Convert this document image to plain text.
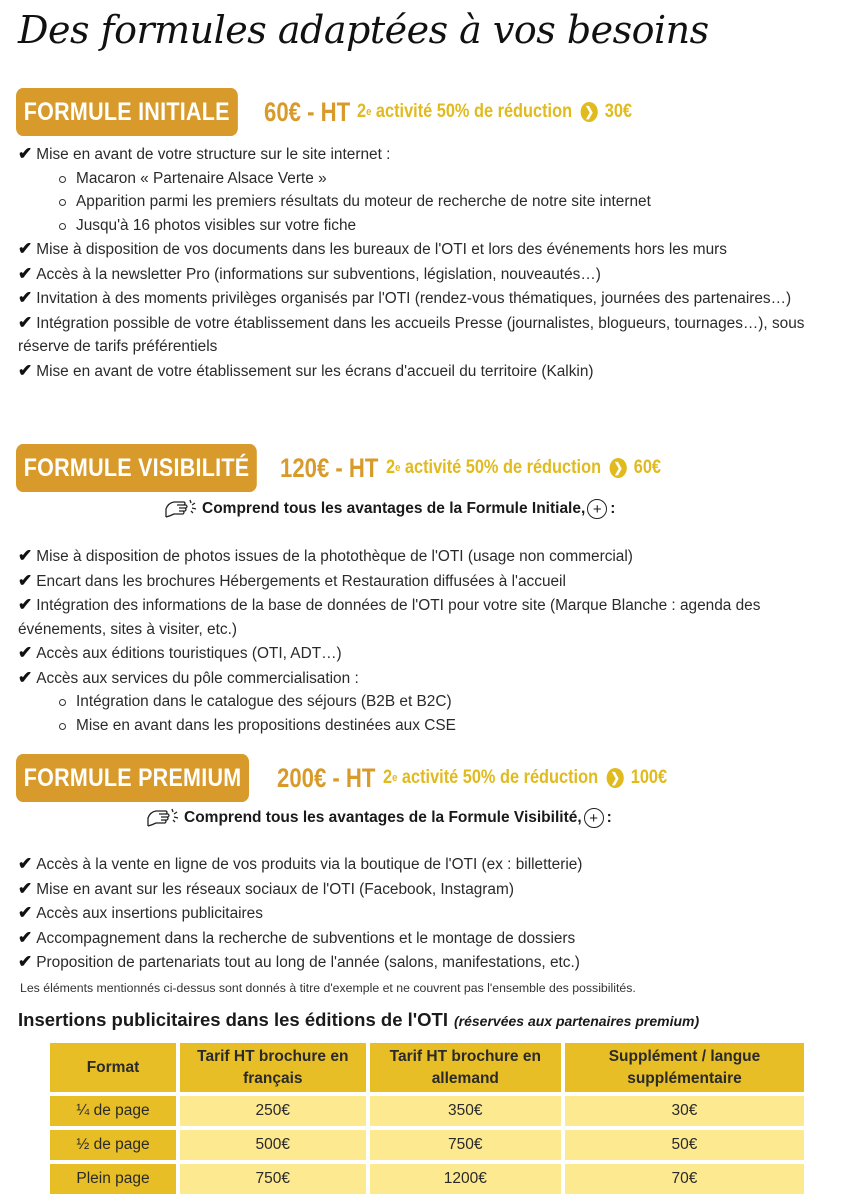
Des formules adaptées à vos besoins
FORMULE INITIALE 60€ - HT 2 e
activité 50% de réduction ❯ 30€
✔ Mise en avant de votre structure sur le site internet :
Macaron « Partenaire Alsace Verte »
Apparition parmi les premiers résultats du moteur de recherche de notre site internet
Jusqu'à 16 photos visibles sur votre fiche
✔ Mise à disposition de vos documents dans les bureaux de l'OTI et lors des événements hors les murs
✔ Accès à la newsletter Pro (informations sur subventions, législation, nouveautés…)
✔ Invitation à des moments privilèges organisés par l'OTI (rendez-vous thématiques, journées des partenaires…)
✔ Intégration possible de votre établissement dans les accueils Presse (journalistes, blogueurs, tournages…), sous réserve de tarifs préférentiels
✔ Mise en avant de votre établissement sur les écrans d'accueil du territoire (Kalkin)
FORMULE VISIBILITÉ 120€ - HT 2 e
activité 50% de réduction ❯ 60€
Comprend tous les avantages de la Formule Initiale, + :
✔ Mise à disposition de photos issues de la photothèque de l'OTI (usage non commercial)
✔ Encart dans les brochures Hébergements et Restauration diffusées à l'accueil
✔ Intégration des informations de la base de données de l'OTI pour votre site (Marque Blanche : agenda des événements, sites à visiter, etc.)
✔ Accès aux éditions touristiques (OTI, ADT…)
✔ Accès aux services du pôle commercialisation :
Intégration dans le catalogue des séjours (B2B et B2C)
Mise en avant dans les propositions destinées aux CSE
FORMULE PREMIUM 200€ - HT 2 e
activité 50% de réduction ❯ 100€
Comprend tous les avantages de la Formule Visibilité, + :
✔ Accès à la vente en ligne de vos produits via la boutique de l'OTI (ex : billetterie)
✔ Mise en avant sur les réseaux sociaux de l'OTI (Facebook, Instagram)
✔ Accès aux insertions publicitaires
✔ Accompagnement dans la recherche de subventions et le montage de dossiers
✔ Proposition de partenariats tout au long de l'année (salons, manifestations, etc.)
Les éléments mentionnés ci-dessus sont donnés à titre d'exemple et ne couvrent pas l'ensemble des possibilités.
Insertions publicitaires dans les éditions de l'OTI (réservées aux partenaires premium)
Format	Tarif HT brochure en français	Tarif HT brochure en allemand	Supplément / langue supplémentaire
¼ de page	250€	350€	30€
½ de page	500€	750€	50€
Plein page	750€	1200€	70€
